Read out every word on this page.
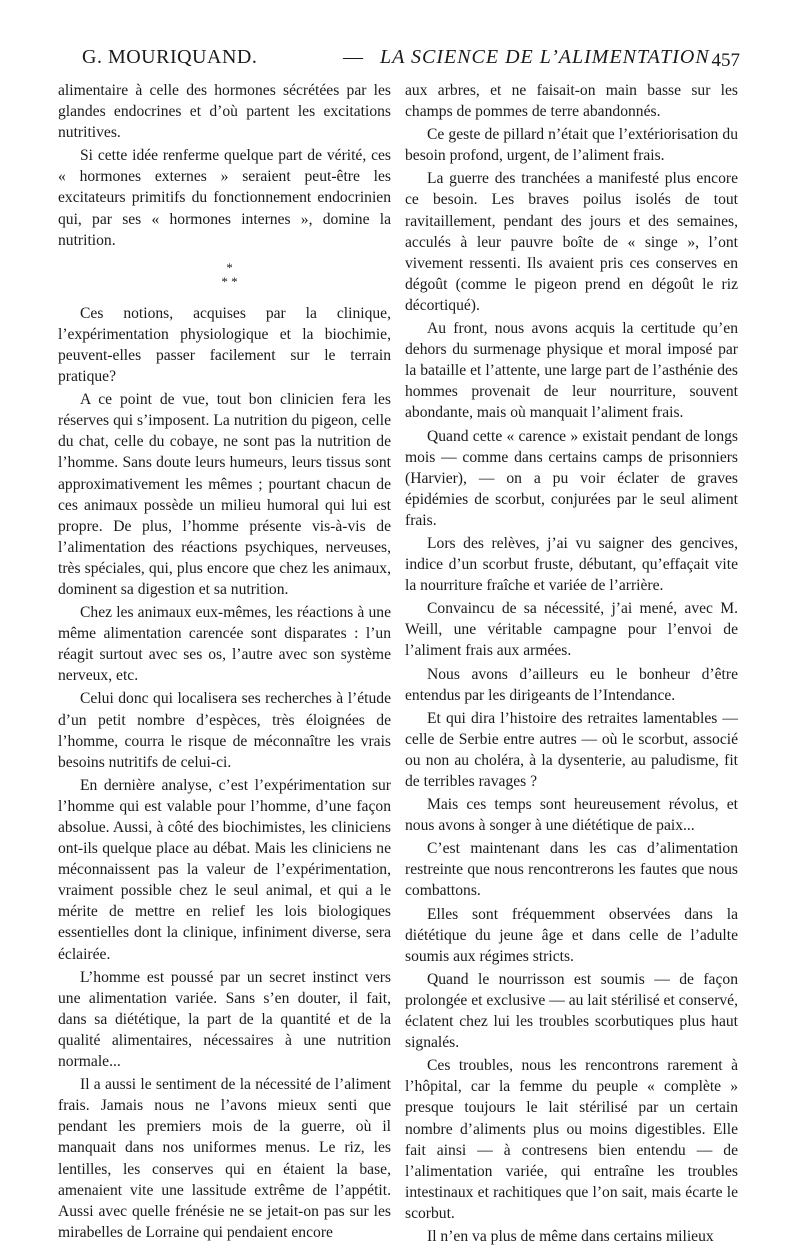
G. MOURIQUAND.	— LA SCIENCE DE L’ALIMENTATION 457

alimentaire à celle des hormones sécrétées par les glandes endocrines et d’où partent les excitations nutritives.

Si cette idée renferme quelque part de vérité, ces « hormones externes » seraient peut-être les excitateurs primitifs du fonctionnement endocrinien qui, par ses « hormones internes », domine la nutrition.

*
* *

Ces notions, acquises par la clinique, l’expérimentation physiologique et la biochimie, peuvent-elles passer facilement sur le terrain pratique?

A ce point de vue, tout bon clinicien fera les réserves qui s’imposent. La nutrition du pigeon, celle du chat, celle du cobaye, ne sont pas la nutrition de l’homme. Sans doute leurs humeurs, leurs tissus sont approximativement les mêmes ; pourtant chacun de ces animaux possède un milieu humoral qui lui est propre. De plus, l’homme présente vis-à-vis de l’alimentation des réactions psychiques, nerveuses, très spéciales, qui, plus encore que chez les animaux, dominent sa digestion et sa nutrition.

Chez les animaux eux-mêmes, les réactions à une même alimentation carencée sont disparates : l’un réagit surtout avec ses os, l’autre avec son système nerveux, etc.

Celui donc qui localisera ses recherches à l’étude d’un petit nombre d’espèces, très éloignées de l’homme, courra le risque de méconnaître les vrais besoins nutritifs de celui-ci.

En dernière analyse, c’est l’expérimentation sur l’homme qui est valable pour l’homme, d’une façon absolue. Aussi, à côté des biochimistes, les cliniciens ont-ils quelque place au débat. Mais les cliniciens ne méconnaissent pas la valeur de l’expérimentation, vraiment possible chez le seul animal, et qui a le mérite de mettre en relief les lois biologiques essentielles dont la clinique, infiniment diverse, sera éclairée.

L’homme est poussé par un secret instinct vers une alimentation variée. Sans s’en douter, il fait, dans sa diététique, la part de la quantité et de la qualité alimentaires, nécessaires à une nutrition normale...

Il a aussi le sentiment de la nécessité de l’aliment frais. Jamais nous ne l’avons mieux senti que pendant les premiers mois de la guerre, où il manquait dans nos uniformes menus. Le riz, les lentilles, les conserves qui en étaient la base, amenaient vite une lassitude extrême de l’appétit. Aussi avec quelle frénésie ne se jetait-on pas sur les mirabelles de Lorraine qui pendaient encore

aux arbres, et ne faisait-on main basse sur les champs de pommes de terre abandonnés.

Ce geste de pillard n’était que l’extériorisation du besoin profond, urgent, de l’aliment frais.

La guerre des tranchées a manifesté plus encore ce besoin. Les braves poilus isolés de tout ravitaillement, pendant des jours et des semaines, acculés à leur pauvre boîte de « singe », l’ont vivement ressenti. Ils avaient pris ces conserves en dégoût (comme le pigeon prend en dégoût le riz décortiqué).

Au front, nous avons acquis la certitude qu’en dehors du surmenage physique et moral imposé par la bataille et l’attente, une large part de l’asthénie des hommes provenait de leur nourriture, souvent abondante, mais où manquait l’aliment frais.

Quand cette « carence » existait pendant de longs mois — comme dans certains camps de prisonniers (Harvier), — on a pu voir éclater de graves épidémies de scorbut, conjurées par le seul aliment frais.

Lors des relèves, j’ai vu saigner des gencives, indice d’un scorbut fruste, débutant, qu’effaçait vite la nourriture fraîche et variée de l’arrière.

Convaincu de sa nécessité, j’ai mené, avec M. Weill, une véritable campagne pour l’envoi de l’aliment frais aux armées.

Nous avons d’ailleurs eu le bonheur d’être entendus par les dirigeants de l’Intendance.

Et qui dira l’histoire des retraites lamentables — celle de Serbie entre autres — où le scorbut, associé ou non au choléra, à la dysenterie, au paludisme, fit de terribles ravages ?

Mais ces temps sont heureusement révolus, et nous avons à songer à une diététique de paix...

C’est maintenant dans les cas d’alimentation restreinte que nous rencontrerons les fautes que nous combattons.

Elles sont fréquemment observées dans la diététique du jeune âge et dans celle de l’adulte soumis aux régimes stricts.

Quand le nourrisson est soumis — de façon prolongée et exclusive — au lait stérilisé et conservé, éclatent chez lui les troubles scorbutiques plus haut signalés.

Ces troubles, nous les rencontrons rarement à l’hôpital, car la femme du peuple « complète » presque toujours le lait stérilisé par un certain nombre d’aliments plus ou moins digestibles. Elle fait ainsi — à contresens bien entendu — de l’alimentation variée, qui entraîne les troubles intestinaux et rachitiques que l’on sait, mais écarte le scorbut.

Il n’en va plus de même dans certains milieux
